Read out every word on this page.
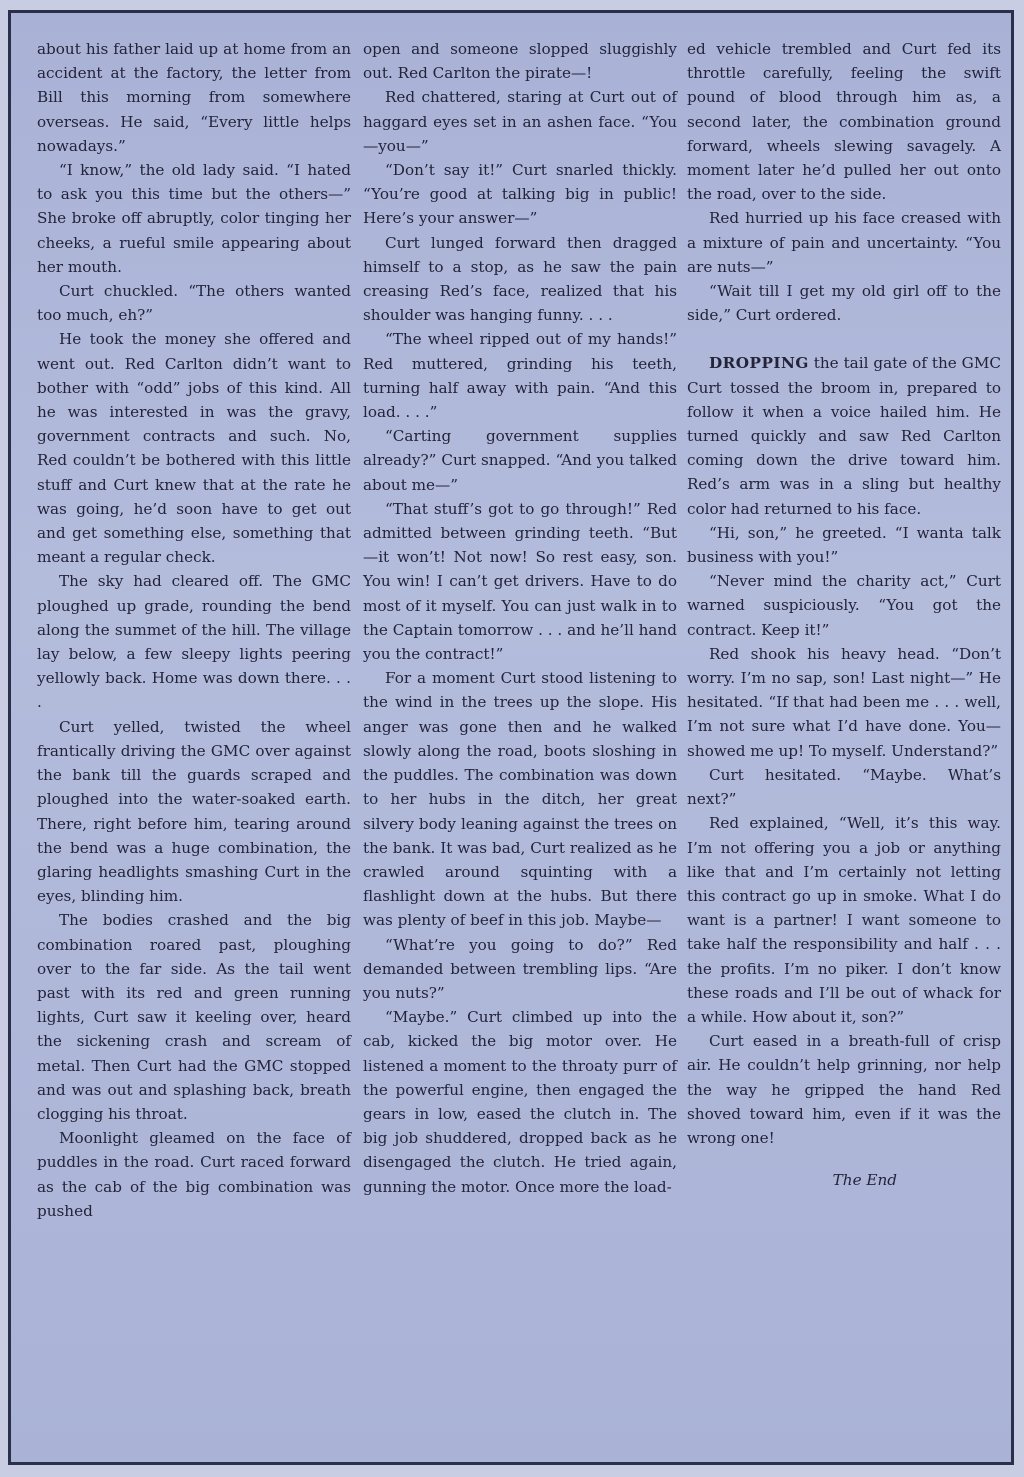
about his father laid up at home from an accident at the factory, the letter from Bill this morning from somewhere overseas. He said, “Every little helps nowadays.”

“I know,” the old lady said. “I hated to ask you this time but the others—” She broke off abruptly, color tinging her cheeks, a rueful smile appearing about her mouth.

Curt chuckled. “The others wanted too much, eh?”

He took the money she offered and went out. Red Carlton didn’t want to bother with “odd” jobs of this kind. All he was interested in was the gravy, government contracts and such. No, Red couldn’t be bothered with this little stuff and Curt knew that at the rate he was going, he’d soon have to get out and get something else, something that meant a regular check.

The sky had cleared off. The GMC ploughed up grade, rounding the bend along the summet of the hill. The village lay below, a few sleepy lights peering yellowly back. Home was down there. . . .

Curt yelled, twisted the wheel frantically driving the GMC over against the bank till the guards scraped and ploughed into the water-soaked earth. There, right before him, tearing around the bend was a huge combination, the glaring headlights smashing Curt in the eyes, blinding him.

The bodies crashed and the big combination roared past, ploughing over to the far side. As the tail went past with its red and green running lights, Curt saw it keeling over, heard the sickening crash and scream of metal. Then Curt had the GMC stopped and was out and splashing back, breath clogging his throat.

Moonlight gleamed on the face of puddles in the road. Curt raced forward as the cab of the big combination was pushed

open and someone slopped sluggishly out. Red Carlton the pirate—!

Red chattered, staring at Curt out of haggard eyes set in an ashen face. “You—you—”

“Don’t say it!” Curt snarled thickly. “You’re good at talking big in public! Here’s your answer—”

Curt lunged forward then dragged himself to a stop, as he saw the pain creasing Red’s face, realized that his shoulder was hanging funny. . . .

“The wheel ripped out of my hands!” Red muttered, grinding his teeth, turning half away with pain. “And this load. . . .”

“Carting government supplies already?” Curt snapped. “And you talked about me—”

“That stuff’s got to go through!” Red admitted between grinding teeth. “But—it won’t! Not now! So rest easy, son. You win! I can’t get drivers. Have to do most of it myself. You can just walk in to the Captain tomorrow . . . and he’ll hand you the contract!”

For a moment Curt stood listening to the wind in the trees up the slope. His anger was gone then and he walked slowly along the road, boots sloshing in the puddles. The combination was down to her hubs in the ditch, her great silvery body leaning against the trees on the bank. It was bad, Curt realized as he crawled around squinting with a flashlight down at the hubs. But there was plenty of beef in this job. Maybe—

“What’re you going to do?” Red demanded between trembling lips. “Are you nuts?”

“Maybe.” Curt climbed up into the cab, kicked the big motor over. He listened a moment to the throaty purr of the powerful engine, then engaged the gears in low, eased the clutch in. The big job shuddered, dropped back as he disengaged the clutch. He tried again, gunning the motor. Once more the load-

ed vehicle trembled and Curt fed its throttle carefully, feeling the swift pound of blood through him as, a second later, the combination ground forward, wheels slewing savagely. A moment later he’d pulled her out onto the road, over to the side.

Red hurried up his face creased with a mixture of pain and uncertainty. “You are nuts—”

“Wait till I get my old girl off to the side,” Curt ordered.

DROPPING the tail gate of the GMC Curt tossed the broom in, prepared to follow it when a voice hailed him. He turned quickly and saw Red Carlton coming down the drive toward him. Red’s arm was in a sling but healthy color had returned to his face.

“Hi, son,” he greeted. “I wanta talk business with you!”

“Never mind the charity act,” Curt warned suspiciously. “You got the contract. Keep it!”

Red shook his heavy head. “Don’t worry. I’m no sap, son! Last night—” He hesitated. “If that had been me . . . well, I’m not sure what I’d have done. You—showed me up! To myself. Understand?”

Curt hesitated. “Maybe. What’s next?”

Red explained, “Well, it’s this way. I’m not offering you a job or anything like that and I’m certainly not letting this contract go up in smoke. What I do want is a partner! I want someone to take half the responsibility and half . . . the profits. I’m no piker. I don’t know these roads and I’ll be out of whack for a while. How about it, son?”

Curt eased in a breath-full of crisp air. He couldn’t help grinning, nor help the way he gripped the hand Red shoved toward him, even if it was the wrong one!

The End
